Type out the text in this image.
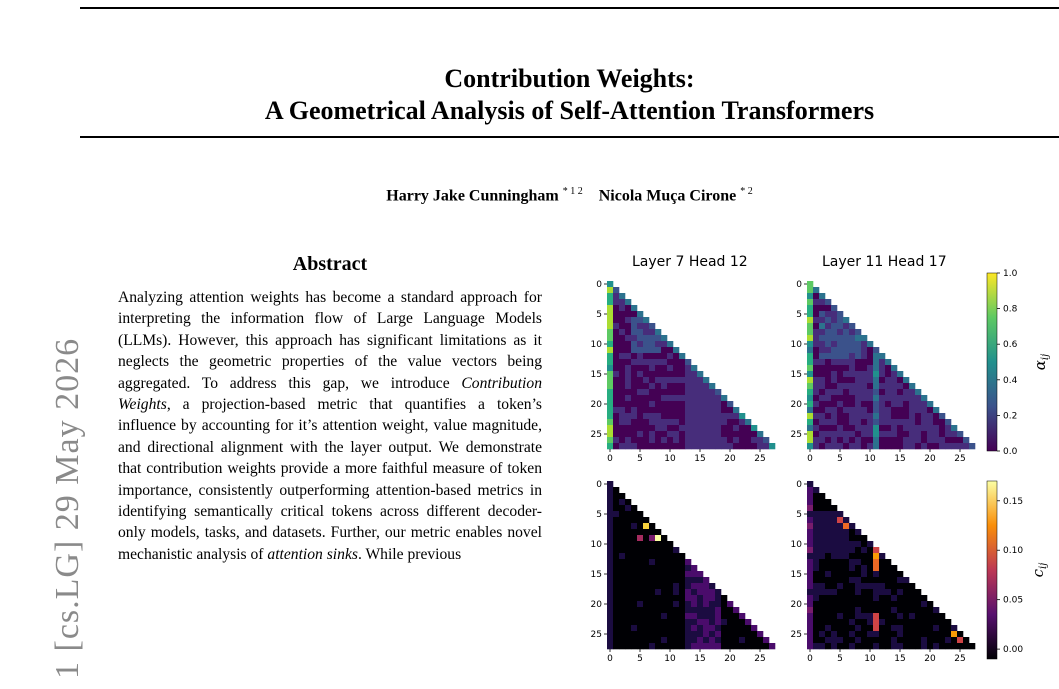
Contribution Weights:
A Geometrical Analysis of Self-Attention Transformers
Harry Jake Cunningham $^{* 1 2}$ Nicola Muça Cirone $^{* 2}$
1 [cs.LG] 29 May 2026
Abstract
Analyzing attention weights has become a standard approach for interpreting the information flow of Large Language Models (LLMs). However, this approach has significant limitations as it neglects the geometric properties of the value vectors being aggregated. To address this gap, we introduce Contribution Weights, a projection-based metric that quantifies a token’s influence by accounting for it’s attention weight, value magnitude, and directional alignment with the layer output. We demonstrate that contribution weights provide a more faithful measure of token importance, consistently outperforming attention-based metrics in identifying semantically critical tokens across different decoder-only models, tasks, and datasets. Further, our metric enables novel mechanistic analysis of attention sinks. While previous
Layer 7 Head 12	Layer 11 Head 17
0
0
5
5
10
10
15
15
20
20
25
25
0
0
5
5
10
10
15
15
20
20
25
25
0
0
5
5
10
10
15
15
20
20
25
25
0
0
5
5
10
10
15
15
20
20
25
25
0.0
0.2
0.4
0.6
0.8
1.0
$\alpha_{ij}$
0.00
0.05
0.10
0.15
$c_{ij}$
